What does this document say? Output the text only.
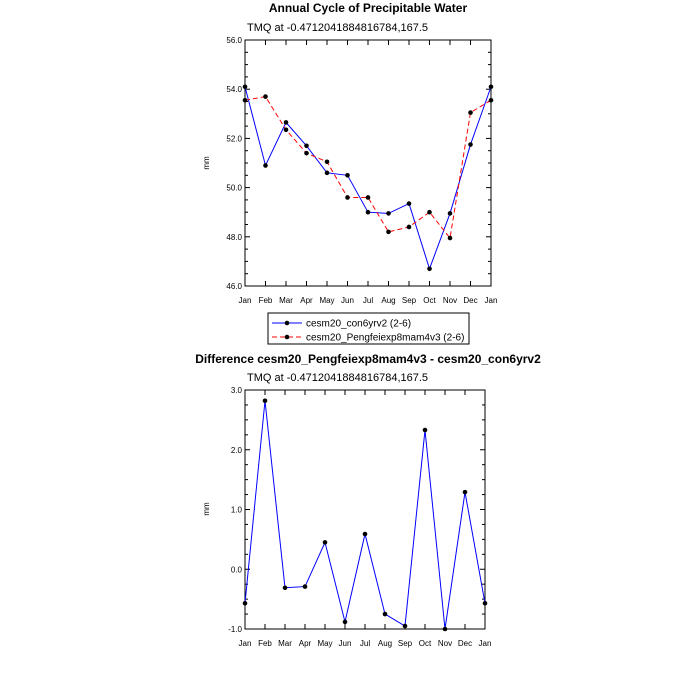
Annual Cycle of Precipitable Water
TMQ at -0.4712041884816784,167.5
mm
46.0
48.0
50.0
52.0
54.0
56.0
Jan Feb Mar Apr May Jun Jul Aug Sep Oct Nov Dec Jan
cesm20_con6yrv2 (2-6)
cesm20_Pengfeiexp8mam4v3 (2-6)
Difference cesm20_Pengfeiexp8mam4v3 - cesm20_con6yrv2
TMQ at -0.4712041884816784,167.5
mm
-1.0
0.0
1.0
2.0
3.0
Jan Feb Mar Apr May Jun Jul Aug Sep Oct Nov Dec Jan
